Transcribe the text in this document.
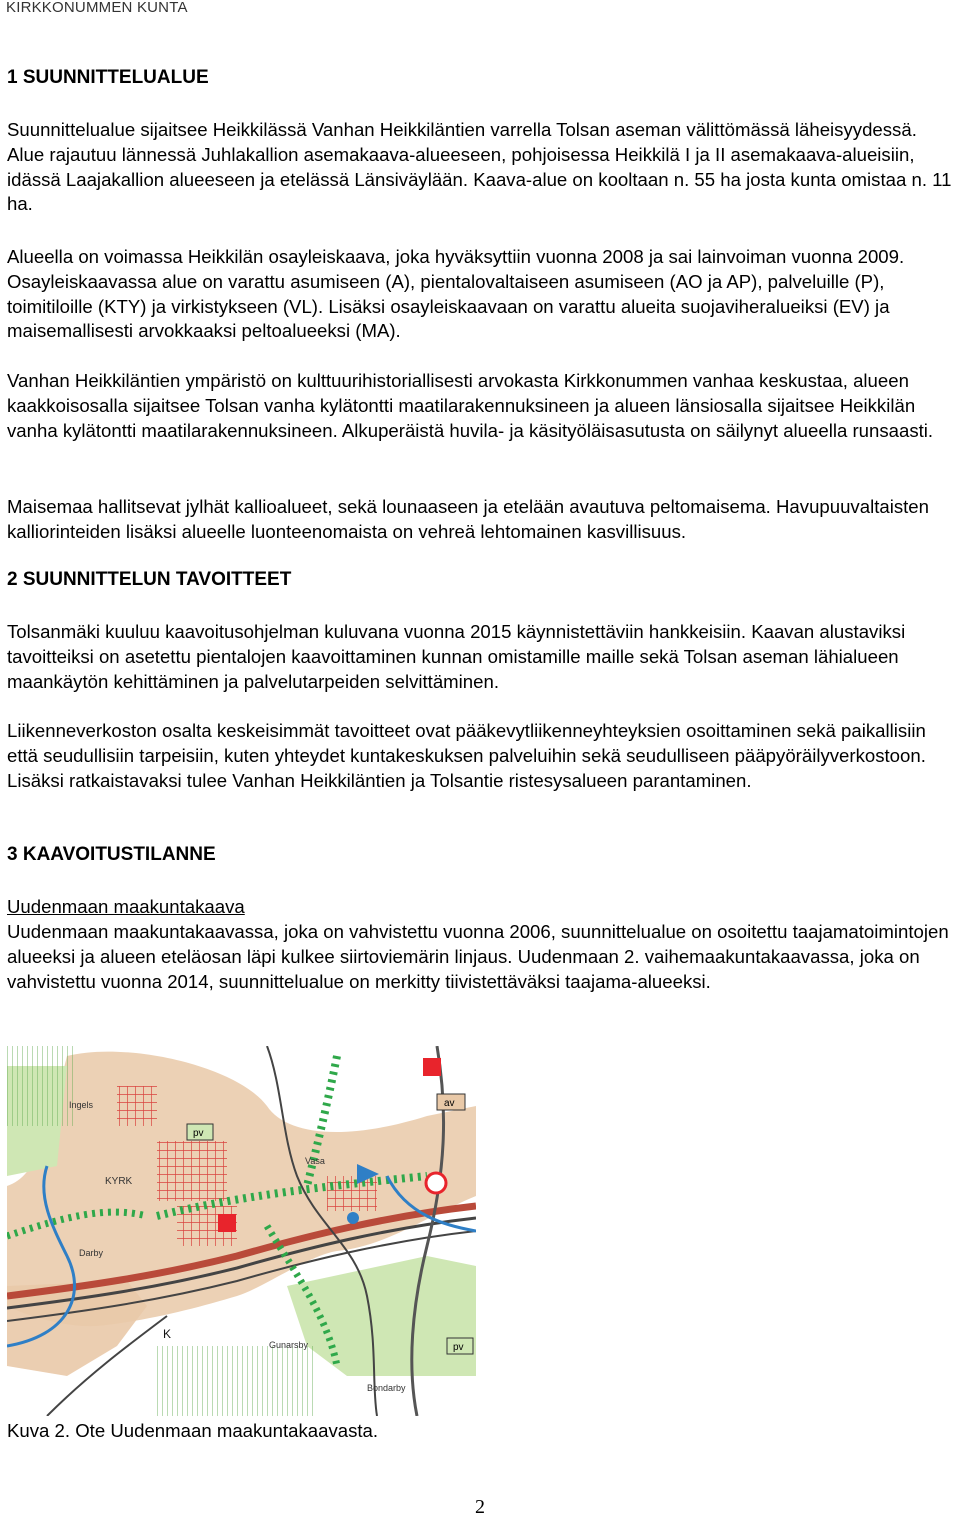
KIRKKONUMMEN KUNTA
1 SUUNNITTELUALUE

Suunnittelualue sijaitsee Heikkilässä Vanhan Heikkiläntien varrella Tolsan aseman välittömässä läheisyydessä. Alue rajautuu lännessä Juhlakallion asemakaava-alueeseen, pohjoisessa Heikkilä I ja II asemakaava-alueisiin, idässä Laajakallion alueeseen ja etelässä Länsiväylään. Kaava-alue on kooltaan n. 55 ha josta kunta omistaa n. 11 ha.

Alueella on voimassa Heikkilän osayleiskaava, joka hyväksyttiin vuonna 2008 ja sai lainvoiman vuonna 2009. Osayleiskaavassa alue on varattu asumiseen (A), pientalovaltaiseen asumiseen (AO ja AP), palveluille (P), toimitiloille (KTY) ja virkistykseen (VL). Lisäksi osayleiskaavaan on varattu alueita suojaviheralueiksi (EV) ja maisemallisesti arvokkaaksi peltoalueeksi (MA).

Vanhan Heikkiläntien ympäristö on kulttuurihistoriallisesti arvokasta Kirkkonummen vanhaa keskustaa, alueen kaakkoisosalla sijaitsee Tolsan vanha kylätontti maatilarakennuksineen ja alueen länsiosalla sijaitsee Heikkilän vanha kylätontti maatilarakennuksineen. Alkuperäistä huvila- ja käsityöläisasutusta on säilynyt alueella runsaasti.

Maisemaa hallitsevat jylhät kallioalueet, sekä lounaaseen ja etelään avautuva peltomaisema. Havupuuvaltaisten kalliorinteiden lisäksi alueelle luonteenomaista on vehreä lehtomainen kasvillisuus.

2 SUUNNITTELUN TAVOITTEET

Tolsanmäki kuuluu kaavoitusohjelman kuluvana vuonna 2015 käynnistettäviin hankkeisiin. Kaavan alustaviksi tavoitteiksi on asetettu pientalojen kaavoittaminen kunnan omistamille maille sekä Tolsan aseman lähialueen maankäytön kehittäminen ja palvelutarpeiden selvittäminen.

Liikenneverkoston osalta keskeisimmät tavoitteet ovat pääkevytliikenneyhteyksien osoittaminen sekä paikallisiin että seudullisiin tarpeisiin, kuten yhteydet kuntakeskuksen palveluihin sekä seudulliseen pääpyöräilyverkostoon. Lisäksi ratkaistavaksi tulee Vanhan Heikkiläntien ja Tolsantie ristesysalueen parantaminen.

3 KAAVOITUSTILANNE
Uudenmaan maakuntakaava

Uudenmaan maakuntakaavassa, joka on vahvistettu vuonna 2006, suunnittelualue on osoitettu taajamatoimintojen alueeksi ja alueen eteläosan läpi kulkee siirtoviemärin linjaus. Uudenmaan 2. vaihemaakuntakaavassa, joka on vahvistettu vuonna 2014, suunnittelualue on merkitty tiivistettäväksi taajama-alueeksi.

av
Ingels
pv
Vasa
KYRK
Darby
K
Gunarsby	pv
Bondarby
Kuva 2. Ote Uudenmaan maakuntakaavasta.
2
